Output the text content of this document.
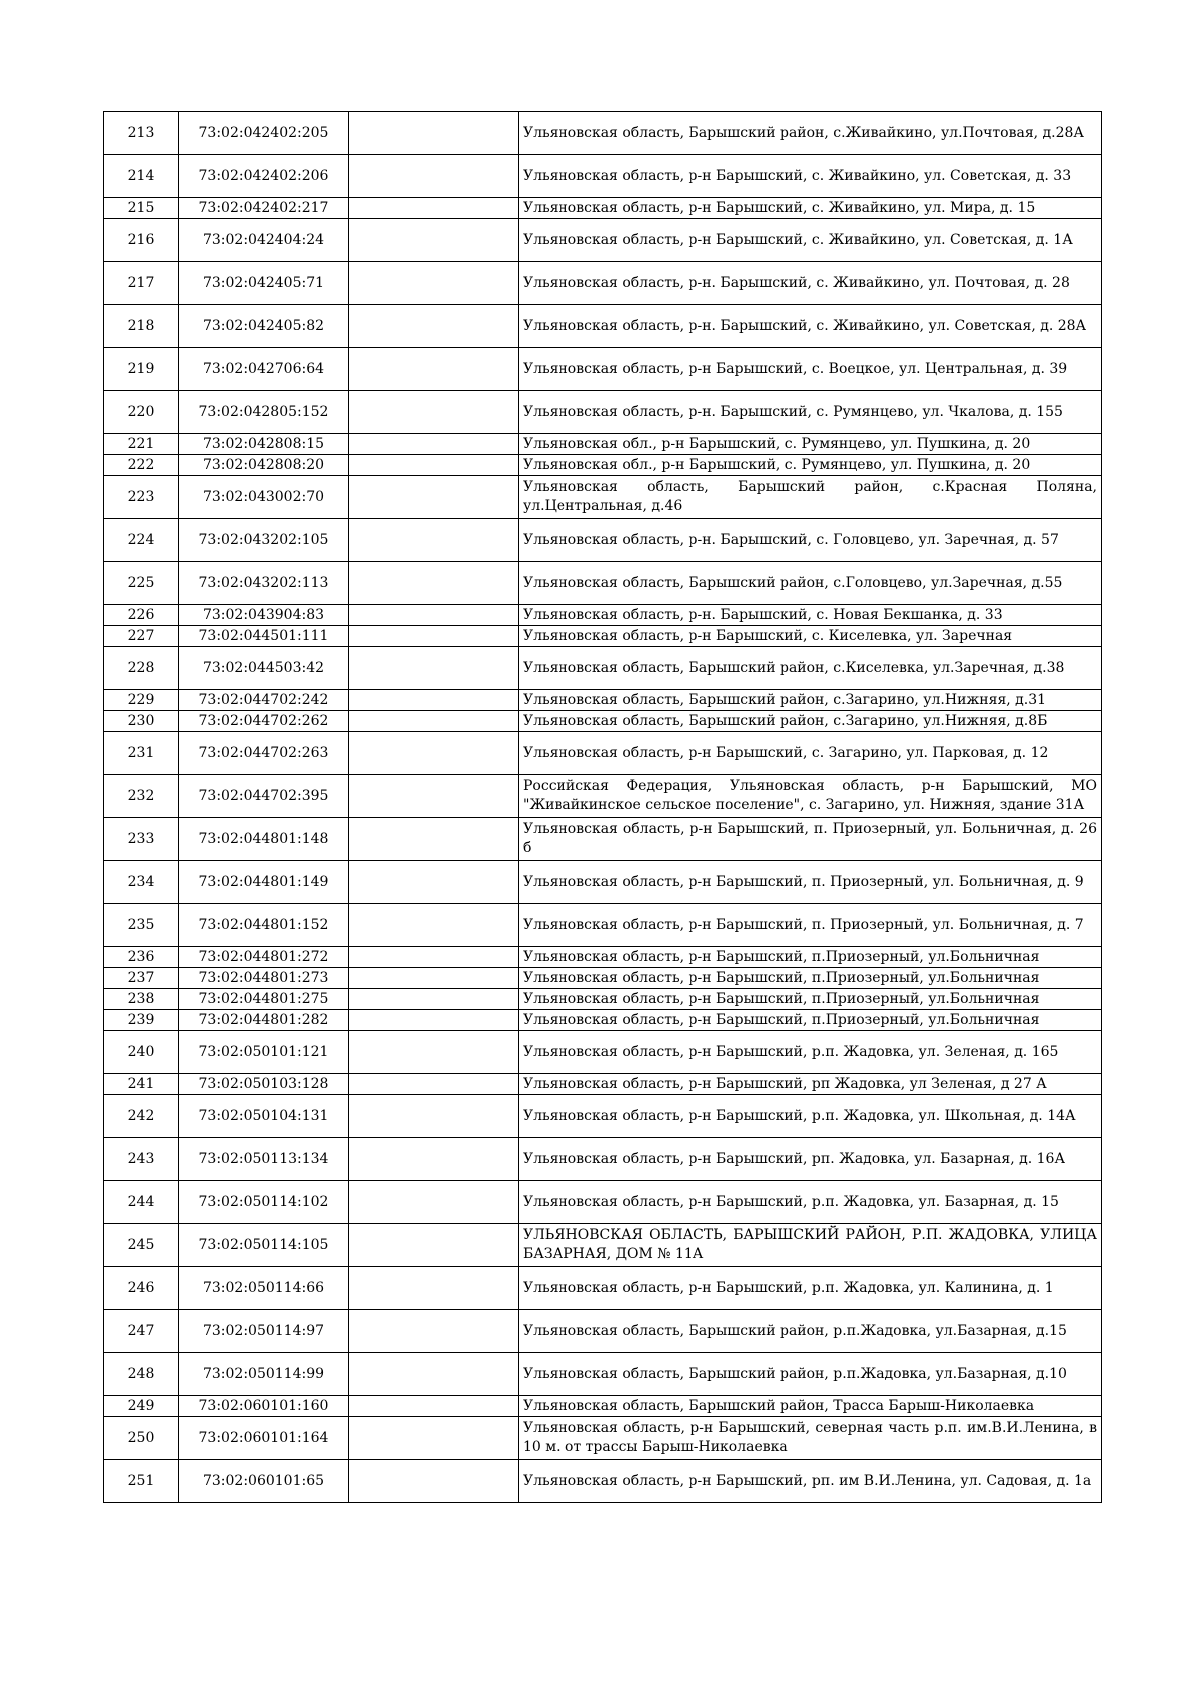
213	73:02:042402:205		Ульяновская область, Барышский район, с.Живайкино, ул.Почтовая, д.28А
214	73:02:042402:206		Ульяновская область, р-н Барышский, с. Живайкино, ул. Советская, д. 33
215	73:02:042402:217		Ульяновская область, р-н Барышский, с. Живайкино, ул. Мира, д. 15
216	73:02:042404:24		Ульяновская область, р-н Барышский, с. Живайкино, ул. Советская, д. 1А
217	73:02:042405:71		Ульяновская область, р-н. Барышский, с. Живайкино, ул. Почтовая, д. 28
218	73:02:042405:82		Ульяновская область, р-н. Барышский, с. Живайкино, ул. Советская, д. 28А
219	73:02:042706:64		Ульяновская область, р-н Барышский, с. Воецкое, ул. Центральная, д. 39
220	73:02:042805:152		Ульяновская область, р-н. Барышский, с. Румянцево, ул. Чкалова, д. 155
221	73:02:042808:15		Ульяновская обл., р-н Барышский, с. Румянцево, ул. Пушкина, д. 20
222	73:02:042808:20		Ульяновская обл., р-н Барышский, с. Румянцево, ул. Пушкина, д. 20
223	73:02:043002:70		Ульяновская область, Барышский район, с.Красная Поляна, ул.Центральная, д.46
224	73:02:043202:105		Ульяновская область, р-н. Барышский, с. Головцево, ул. Заречная, д. 57
225	73:02:043202:113		Ульяновская область, Барышский район, с.Головцево, ул.Заречная, д.55
226	73:02:043904:83		Ульяновская область, р-н. Барышский, с. Новая Бекшанка, д. 33
227	73:02:044501:111		Ульяновская область, р-н Барышский, с. Киселевка, ул. Заречная
228	73:02:044503:42		Ульяновская область, Барышский район, с.Киселевка, ул.Заречная, д.38
229	73:02:044702:242		Ульяновская область, Барышский район, с.Загарино, ул.Нижняя, д.31
230	73:02:044702:262		Ульяновская область, Барышский район, с.Загарино, ул.Нижняя, д.8Б
231	73:02:044702:263		Ульяновская область, р-н Барышский, с. Загарино, ул. Парковая, д. 12
232	73:02:044702:395		Российская Федерация, Ульяновская область, р-н Барышский, МО "Живайкинское сельское поселение", с. Загарино, ул. Нижняя, здание 31А
233	73:02:044801:148		Ульяновская область, р-н Барышский, п. Приозерный, ул. Больничная, д. 26 б
234	73:02:044801:149		Ульяновская область, р-н Барышский, п. Приозерный, ул. Больничная, д. 9
235	73:02:044801:152		Ульяновская область, р-н Барышский, п. Приозерный, ул. Больничная, д. 7
236	73:02:044801:272		Ульяновская область, р-н Барышский, п.Приозерный, ул.Больничная
237	73:02:044801:273		Ульяновская область, р-н Барышский, п.Приозерный, ул.Больничная
238	73:02:044801:275		Ульяновская область, р-н Барышский, п.Приозерный, ул.Больничная
239	73:02:044801:282		Ульяновская область, р-н Барышский, п.Приозерный, ул.Больничная
240	73:02:050101:121		Ульяновская область, р-н Барышский, р.п. Жадовка, ул. Зеленая, д. 165
241	73:02:050103:128		Ульяновская область, р-н Барышский, рп Жадовка, ул Зеленая, д 27 А
242	73:02:050104:131		Ульяновская область, р-н Барышский, р.п. Жадовка, ул. Школьная, д. 14А
243	73:02:050113:134		Ульяновская область, р-н Барышский, рп. Жадовка, ул. Базарная, д. 16А
244	73:02:050114:102		Ульяновская область, р-н Барышский, р.п. Жадовка, ул. Базарная, д. 15
245	73:02:050114:105		УЛЬЯНОВСКАЯ ОБЛАСТЬ, БАРЫШСКИЙ РАЙОН, Р.П. ЖАДОВКА, УЛИЦА БАЗАРНАЯ, ДОМ № 11А
246	73:02:050114:66		Ульяновская область, р-н Барышский, р.п. Жадовка, ул. Калинина, д. 1
247	73:02:050114:97		Ульяновская область, Барышский район, р.п.Жадовка, ул.Базарная, д.15
248	73:02:050114:99		Ульяновская область, Барышский район, р.п.Жадовка, ул.Базарная, д.10
249	73:02:060101:160		Ульяновская область, Барышский район, Трасса Барыш-Николаевка
250	73:02:060101:164		Ульяновская область, р-н Барышский, северная часть р.п. им.В.И.Ленина, в 10 м. от трассы Барыш-Николаевка
251	73:02:060101:65		Ульяновская область, р-н Барышский, рп. им В.И.Ленина, ул. Садовая, д. 1а
